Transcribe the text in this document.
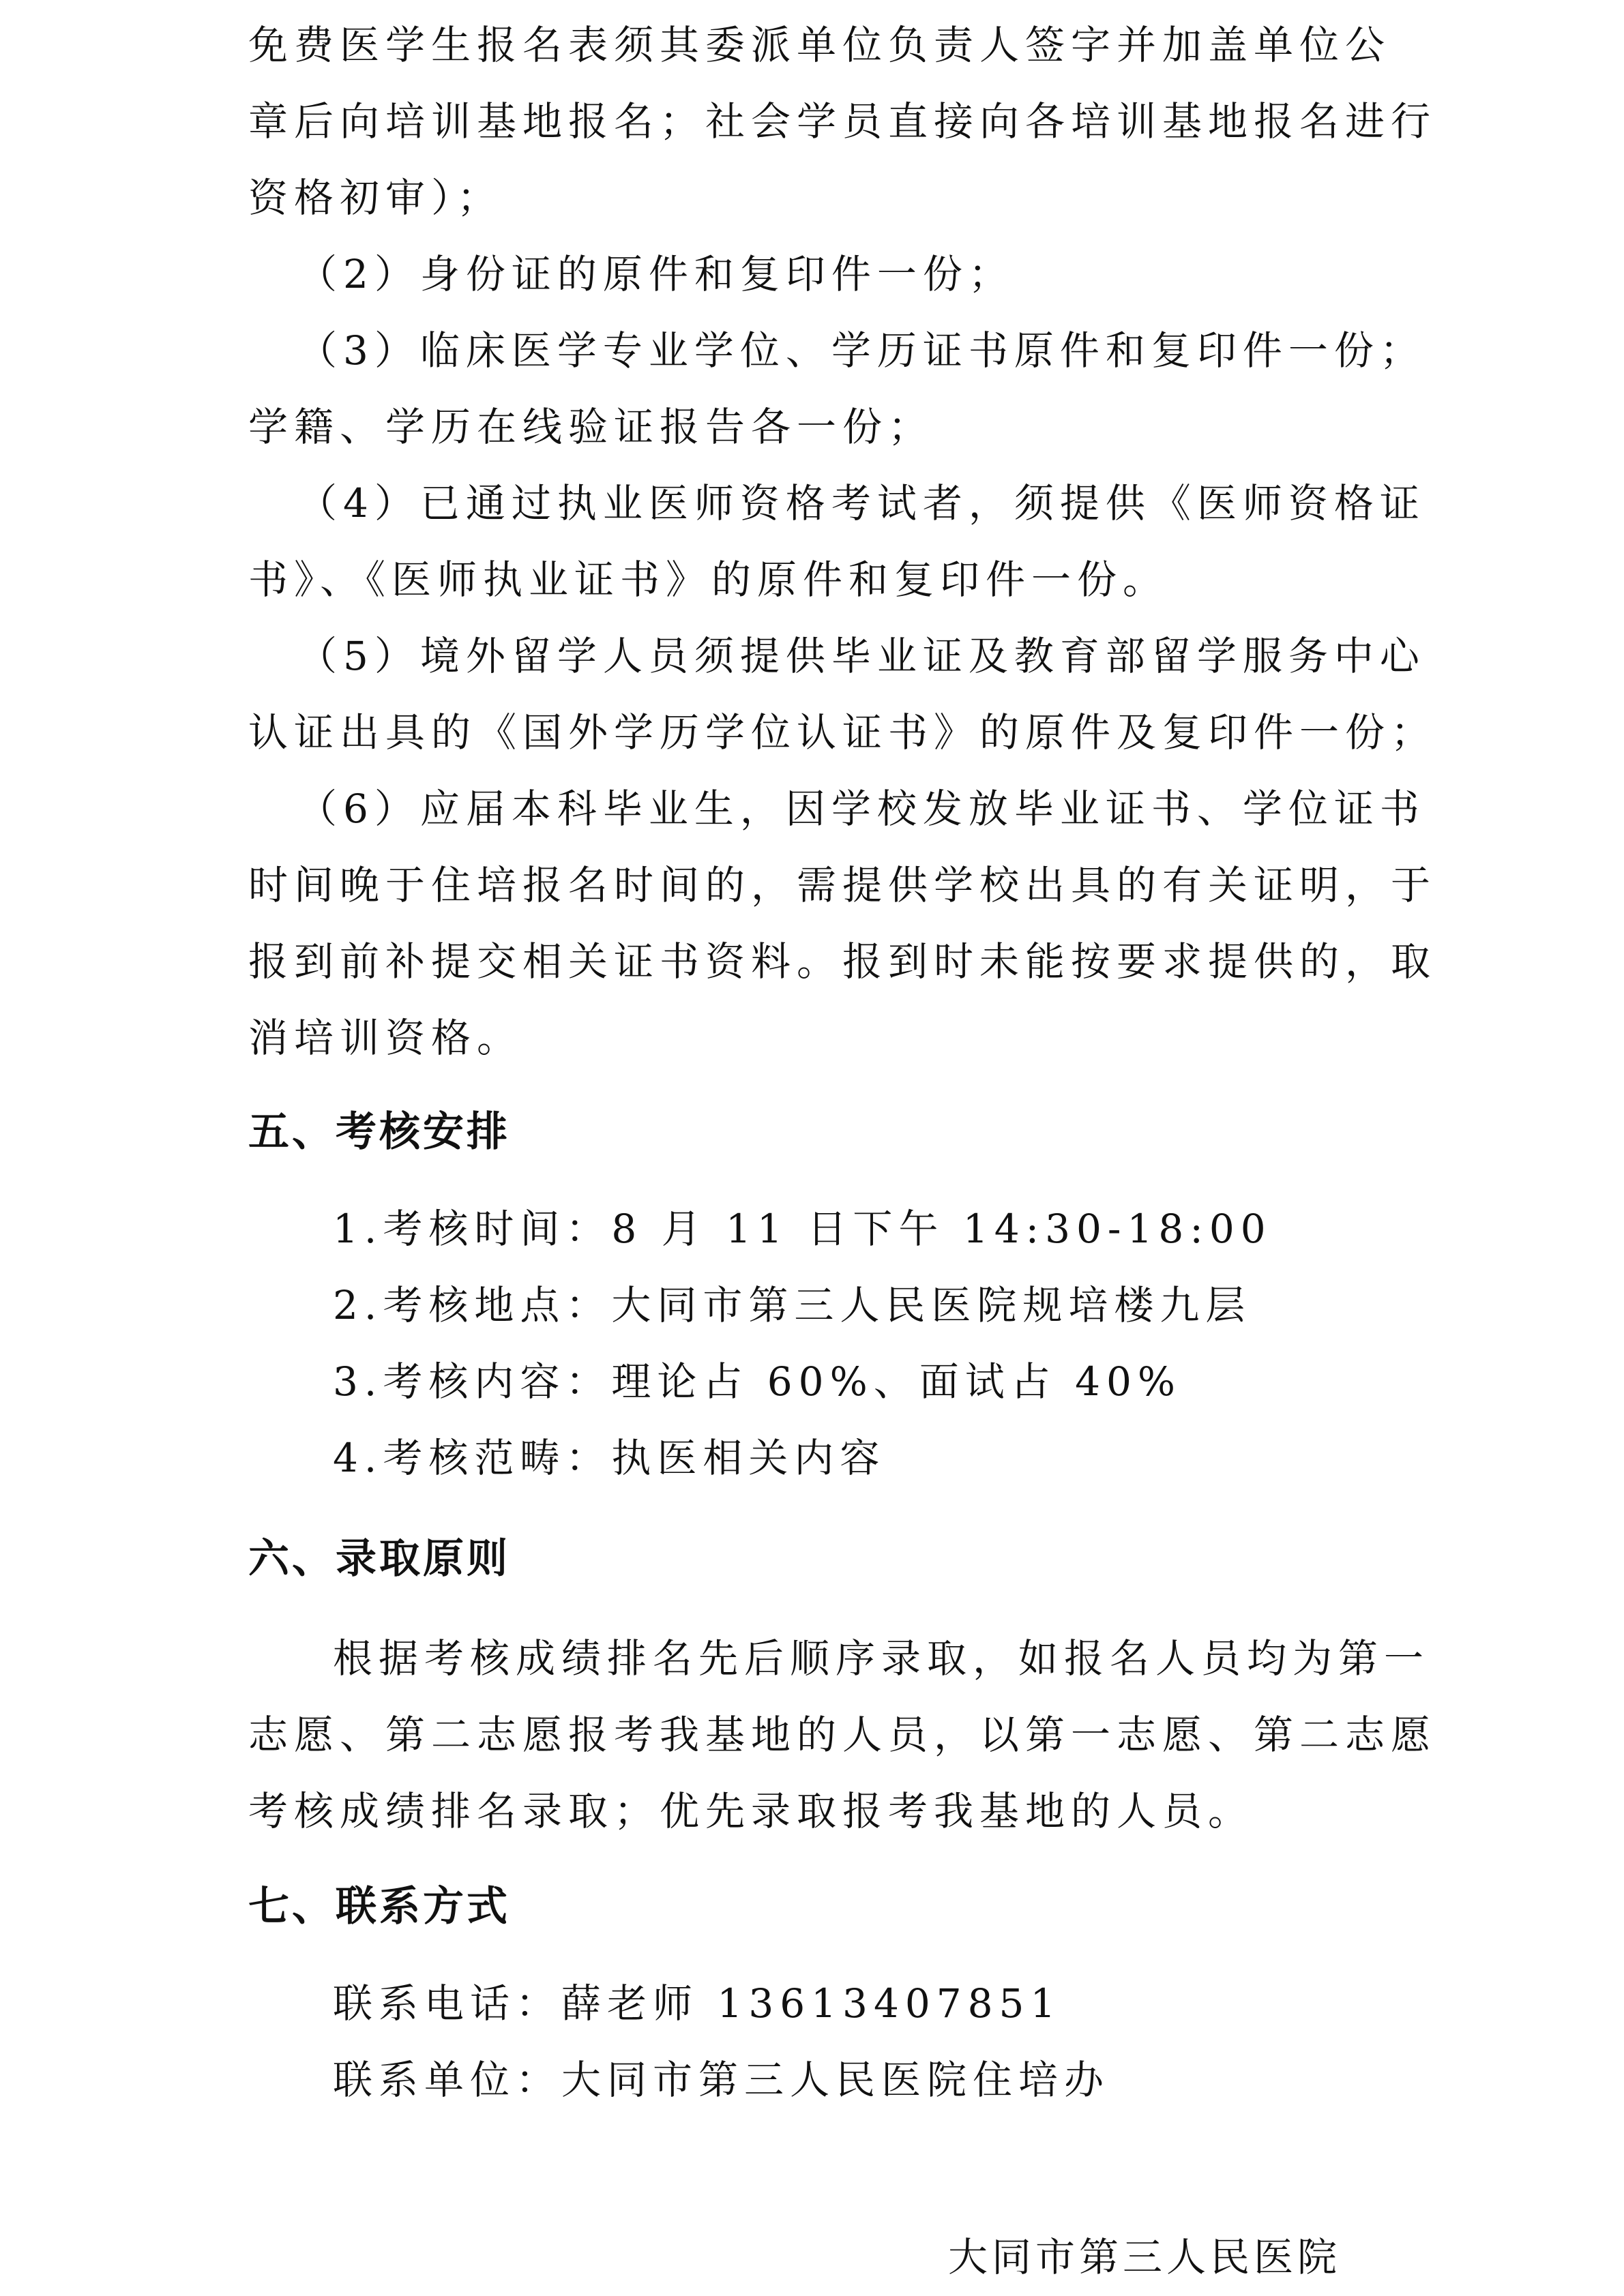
免费医学生报名表须其委派单位负责人签字并加盖单位公
章后向培训基地报名；社会学员直接向各培训基地报名进行
资格初审）；
（2）身份证的原件和复印件一份；
（3）临床医学专业学位、学历证书原件和复印件一份；
学籍、学历在线验证报告各一份；
（4）已通过执业医师资格考试者，须提供《医师资格证
书》、《医师执业证书》的原件和复印件一份。
（5）境外留学人员须提供毕业证及教育部留学服务中心
认证出具的《国外学历学位认证书》的原件及复印件一份；
（6）应届本科毕业生，因学校发放毕业证书、学位证书
时间晚于住培报名时间的，需提供学校出具的有关证明，于
报到前补提交相关证书资料。报到时未能按要求提供的，取
消培训资格。
五、考核安排
1.考核时间：8 月 11 日下午 14:30-18:00
2.考核地点：大同市第三人民医院规培楼九层
3.考核内容：理论占 60%、面试占 40%
4.考核范畴：执医相关内容
六、录取原则
根据考核成绩排名先后顺序录取，如报名人员均为第一
志愿、第二志愿报考我基地的人员，以第一志愿、第二志愿
考核成绩排名录取；优先录取报考我基地的人员。
七、联系方式
联系电话：薛老师 13613407851
联系单位：大同市第三人民医院住培办
大同市第三人民医院
